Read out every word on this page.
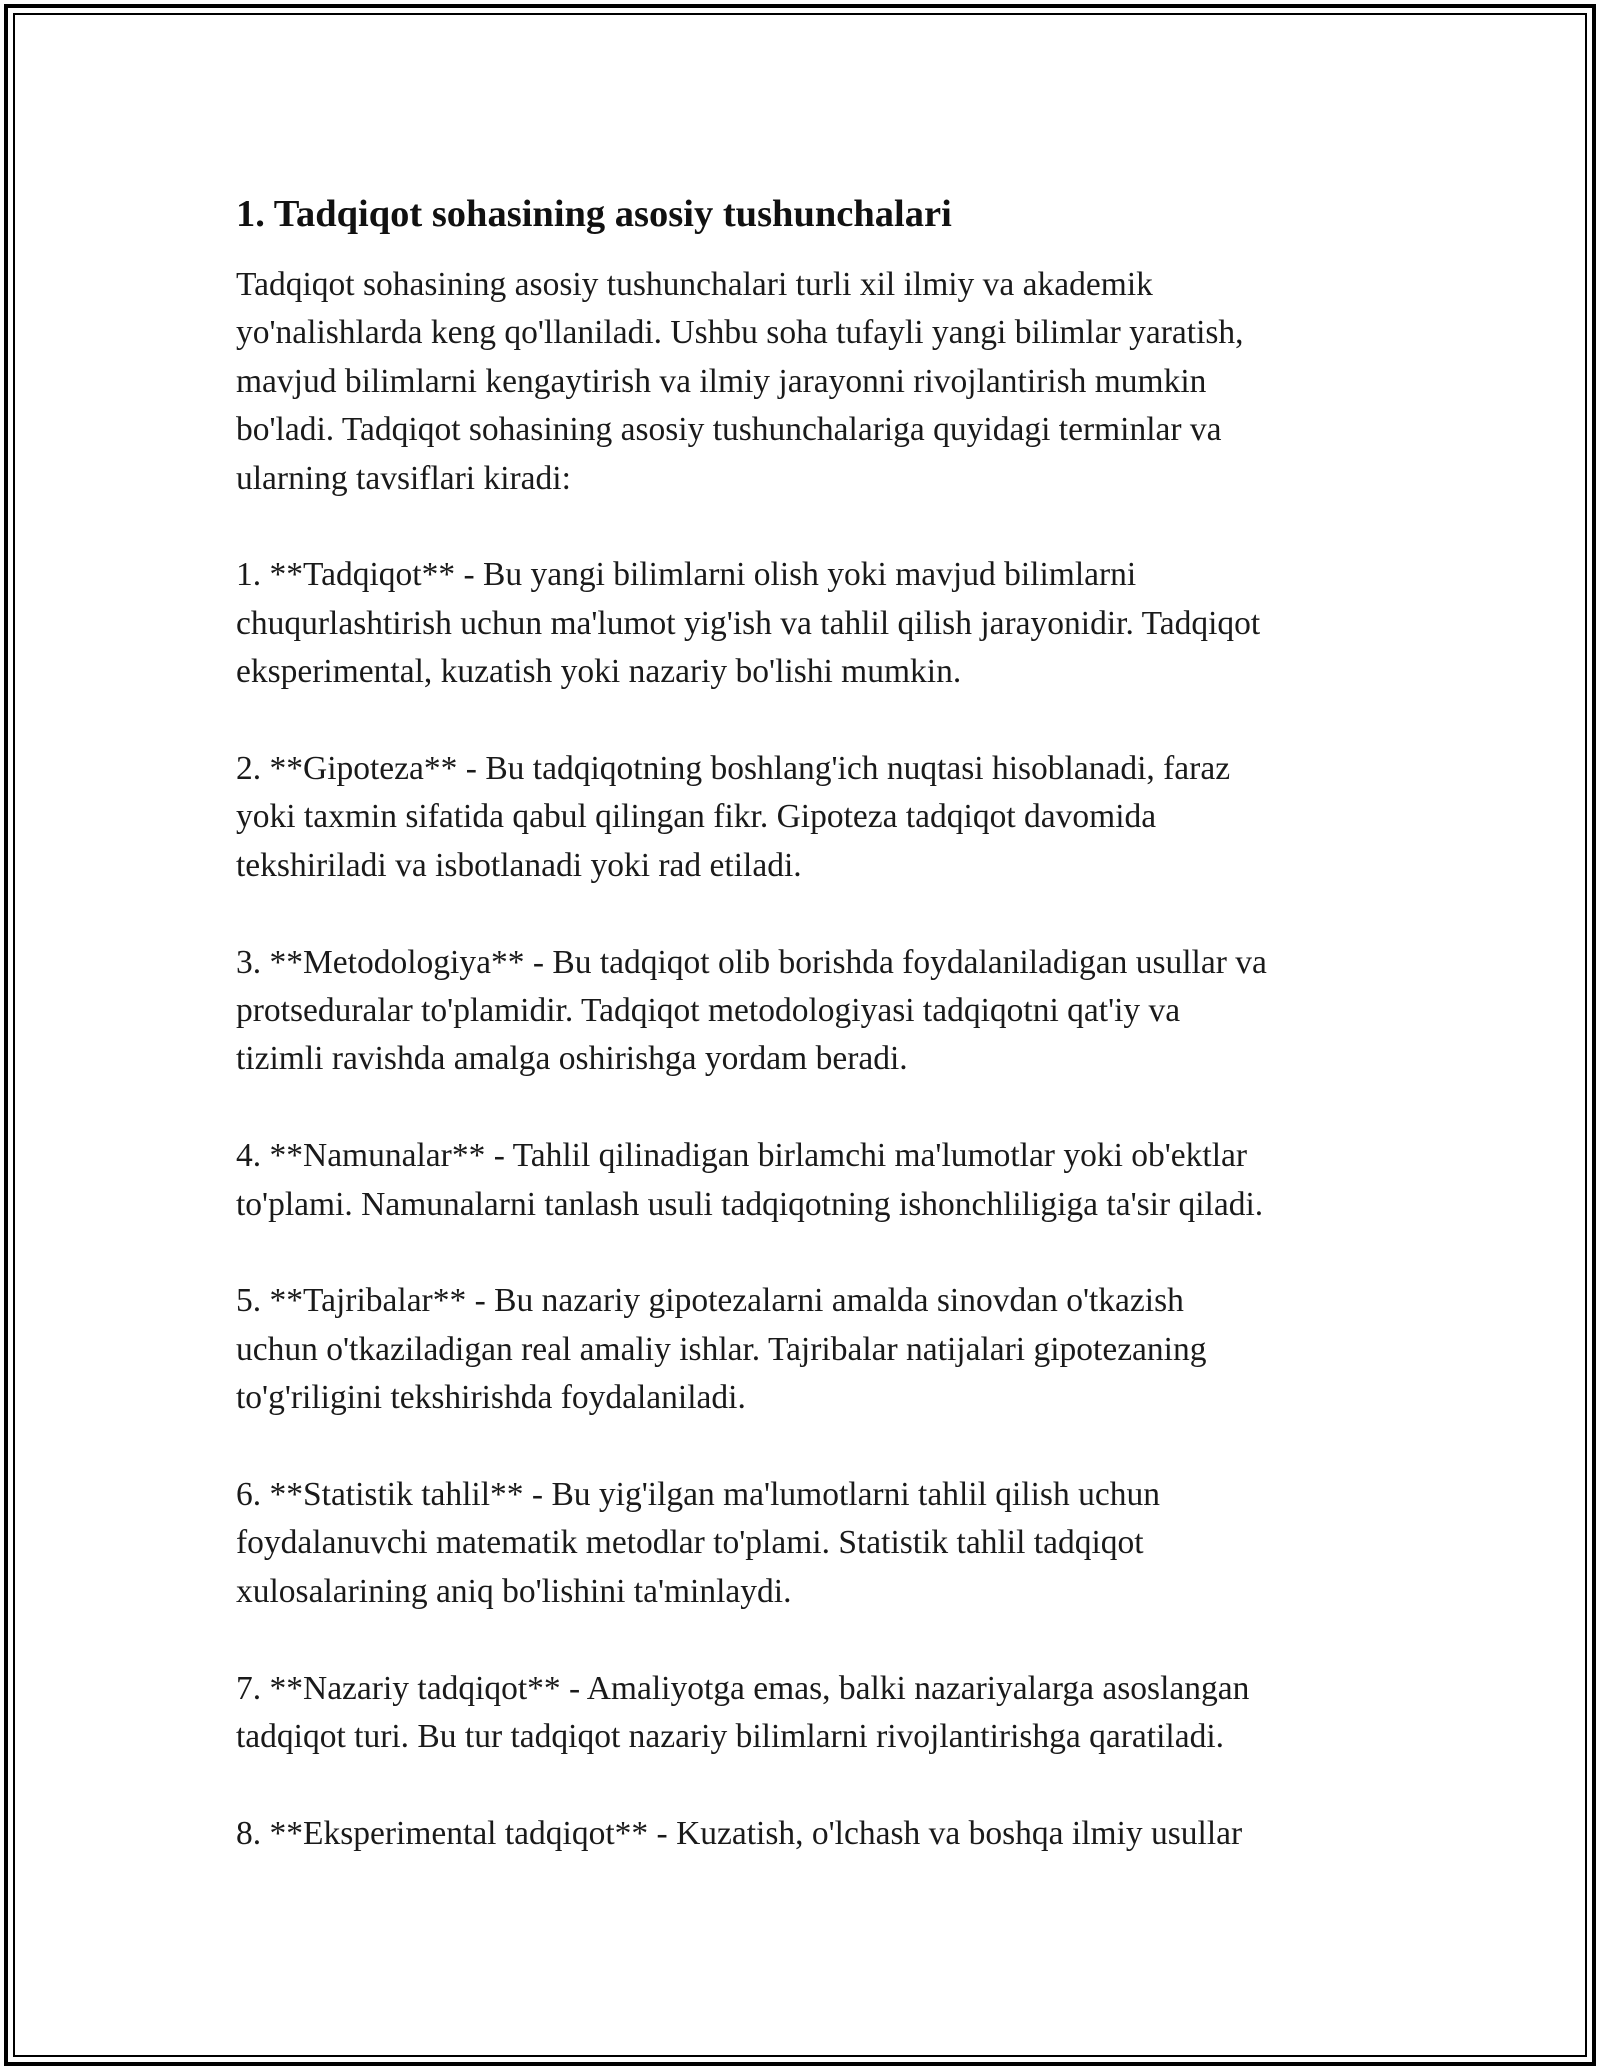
1. Tadqiqot sohasining asosiy tushunchalari

Tadqiqot sohasining asosiy tushunchalari turli xil ilmiy va akademik
yo'nalishlarda keng qo'llaniladi. Ushbu soha tufayli yangi bilimlar yaratish,
mavjud bilimlarni kengaytirish va ilmiy jarayonni rivojlantirish mumkin
bo'ladi. Tadqiqot sohasining asosiy tushunchalariga quyidagi terminlar va
ularning tavsiflari kiradi:

1. **Tadqiqot** - Bu yangi bilimlarni olish yoki mavjud bilimlarni
chuqurlashtirish uchun ma'lumot yig'ish va tahlil qilish jarayonidir. Tadqiqot
eksperimental, kuzatish yoki nazariy bo'lishi mumkin.

2. **Gipoteza** - Bu tadqiqotning boshlang'ich nuqtasi hisoblanadi, faraz
yoki taxmin sifatida qabul qilingan fikr. Gipoteza tadqiqot davomida
tekshiriladi va isbotlanadi yoki rad etiladi.

3. **Metodologiya** - Bu tadqiqot olib borishda foydalaniladigan usullar va
protseduralar to'plamidir. Tadqiqot metodologiyasi tadqiqotni qat'iy va
tizimli ravishda amalga oshirishga yordam beradi.

4. **Namunalar** - Tahlil qilinadigan birlamchi ma'lumotlar yoki ob'ektlar
to'plami. Namunalarni tanlash usuli tadqiqotning ishonchliligiga ta'sir qiladi.

5. **Tajribalar** - Bu nazariy gipotezalarni amalda sinovdan o'tkazish
uchun o'tkaziladigan real amaliy ishlar. Tajribalar natijalari gipotezaning
to'g'riligini tekshirishda foydalaniladi.

6. **Statistik tahlil** - Bu yig'ilgan ma'lumotlarni tahlil qilish uchun
foydalanuvchi matematik metodlar to'plami. Statistik tahlil tadqiqot
xulosalarining aniq bo'lishini ta'minlaydi.

7. **Nazariy tadqiqot** - Amaliyotga emas, balki nazariyalarga asoslangan
tadqiqot turi. Bu tur tadqiqot nazariy bilimlarni rivojlantirishga qaratiladi.

8. **Eksperimental tadqiqot** - Kuzatish, o'lchash va boshqa ilmiy usullar
